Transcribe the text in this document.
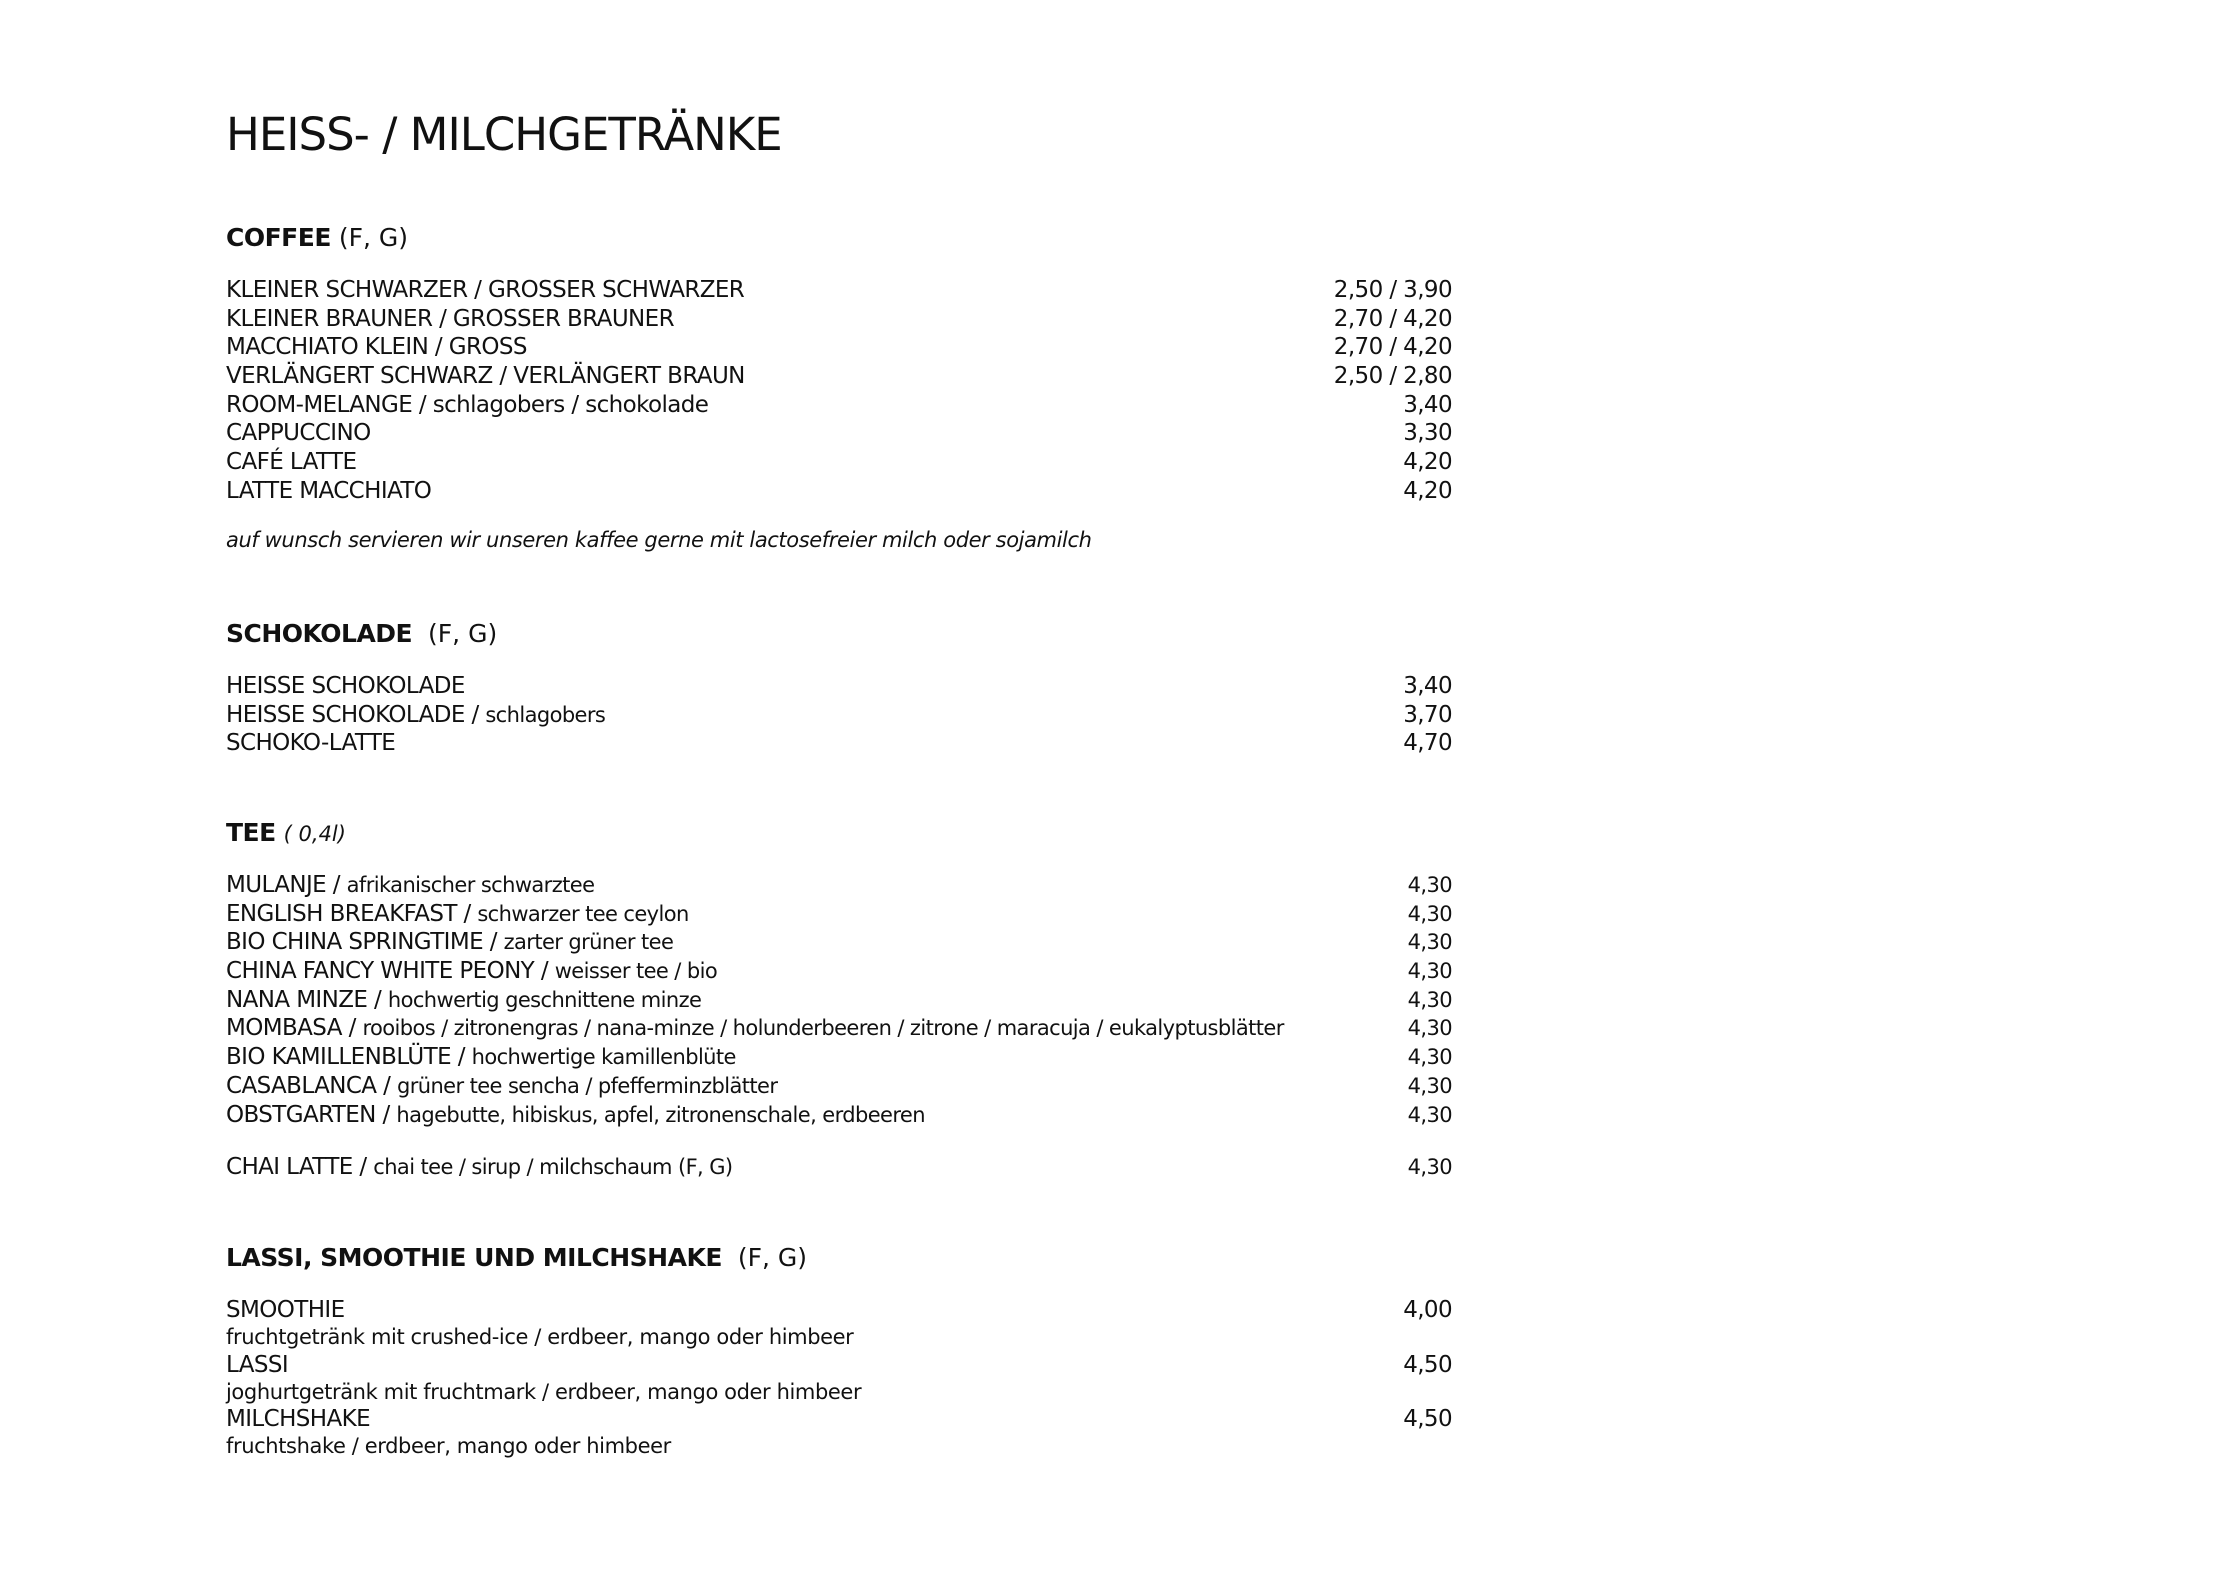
HEISS- / MILCHGETRÄNKE
COFFEE (F, G)
KLEINER SCHWARZER / GROSSER SCHWARZER	2,50 / 3,90
KLEINER BRAUNER / GROSSER BRAUNER	2,70 / 4,20
MACCHIATO KLEIN / GROSS	2,70 / 4,20
VERLÄNGERT SCHWARZ / VERLÄNGERT BRAUN	2,50 / 2,80
ROOM-MELANGE / schlagobers / schokolade	3,40
CAPPUCCINO	3,30
CAFÉ LATTE	4,20
LATTE MACCHIATO	4,20
auf wunsch servieren wir unseren kaffee gerne mit lactosefreier milch oder sojamilch
SCHOKOLADE (F, G)
HEISSE SCHOKOLADE	3,40
HEISSE SCHOKOLADE / schlagobers	3,70
SCHOKO-LATTE	4,70
TEE ( 0,4l)
MULANJE / afrikanischer schwarztee	4,30
ENGLISH BREAKFAST / schwarzer tee ceylon	4,30
BIO CHINA SPRINGTIME / zarter grüner tee	4,30
CHINA FANCY WHITE PEONY / weisser tee / bio	4,30
NANA MINZE / hochwertig geschnittene minze	4,30
MOMBASA / rooibos / zitronengras / nana-minze / holunderbeeren / zitrone / maracuja / eukalyptusblätter	4,30
BIO KAMILLENBLÜTE / hochwertige kamillenblüte	4,30
CASABLANCA / grüner tee sencha / pfefferminzblätter	4,30
OBSTGARTEN / hagebutte, hibiskus, apfel, zitronenschale, erdbeeren	4,30
CHAI LATTE / chai tee / sirup / milchschaum (F, G)	4,30
LASSI, SMOOTHIE UND MILCHSHAKE (F, G)
SMOOTHIE	4,00
fruchtgetränk mit crushed-ice / erdbeer, mango oder himbeer
LASSI	4,50
joghurtgetränk mit fruchtmark / erdbeer, mango oder himbeer
MILCHSHAKE	4,50
fruchtshake / erdbeer, mango oder himbeer
